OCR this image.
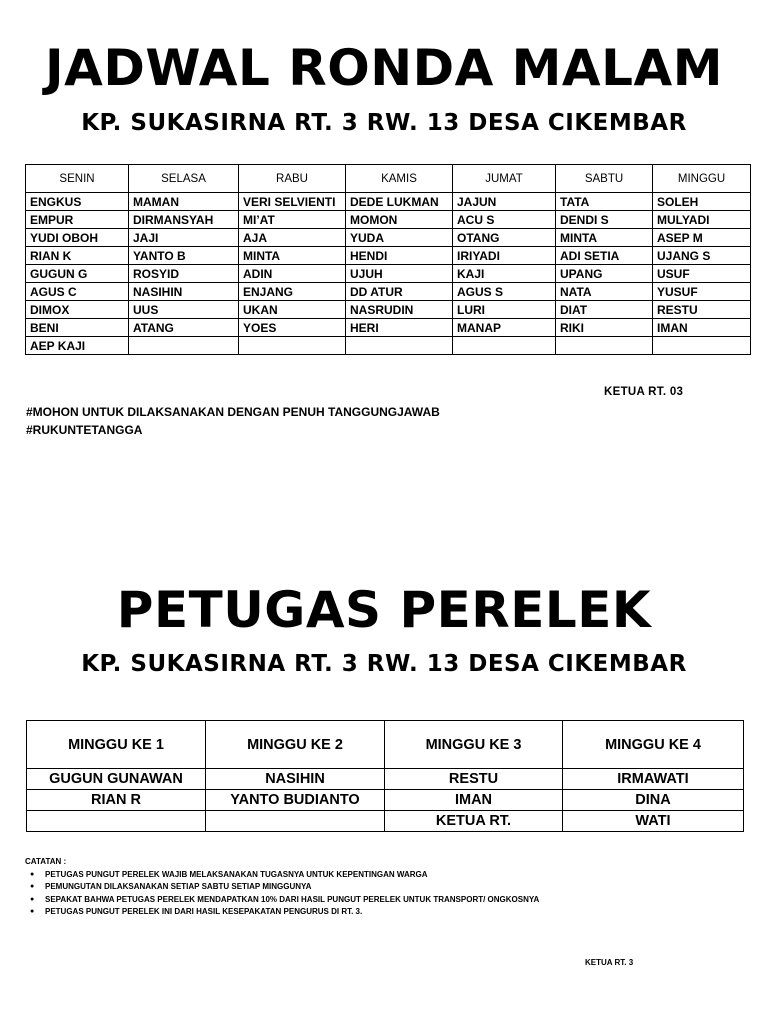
JADWAL RONDA MALAM
KP. SUKASIRNA RT. 3 RW. 13 DESA CIKEMBAR
SENIN	SELASA	RABU	KAMIS	JUMAT	SABTU	MINGGU
ENGKUS	MAMAN	VERI SELVIENTI	DEDE LUKMAN	JAJUN	TATA	SOLEH
EMPUR	DIRMANSYAH	MI’AT	MOMON	ACU S	DENDI S	MULYADI
YUDI OBOH	JAJI	AJA	YUDA	OTANG	MINTA	ASEP M
RIAN K	YANTO B	MINTA	HENDI	IRIYADI	ADI SETIA	UJANG S
GUGUN G	ROSYID	ADIN	UJUH	KAJI	UPANG	USUF
AGUS C	NASIHIN	ENJANG	DD ATUR	AGUS S	NATA	YUSUF
DIMOX	UUS	UKAN	NASRUDIN	LURI	DIAT	RESTU
BENI	ATANG	YOES	HERI	MANAP	RIKI	IMAN
AEP KAJI						
KETUA RT. 03
#MOHON UNTUK DILAKSANAKAN DENGAN PENUH TANGGUNGJAWAB
#RUKUNTETANGGA
PETUGAS PERELEK
KP. SUKASIRNA RT. 3 RW. 13 DESA CIKEMBAR
MINGGU KE 1	MINGGU KE 2	MINGGU KE 3	MINGGU KE 4
GUGUN GUNAWAN	NASIHIN	RESTU	IRMAWATI
RIAN R	YANTO BUDIANTO	IMAN	DINA
		KETUA RT.	WATI
CATATAN :
● PETUGAS PUNGUT PERELEK WAJIB MELAKSANAKAN TUGASNYA UNTUK KEPENTINGAN WARGA
● PEMUNGUTAN DILAKSANAKAN SETIAP SABTU SETIAP MINGGUNYA
● SEPAKAT BAHWA PETUGAS PERELEK MENDAPATKAN 10% DARI HASIL PUNGUT PERELEK UNTUK TRANSPORT/ ONGKOSNYA
● PETUGAS PUNGUT PERELEK INI DARI HASIL KESEPAKATAN PENGURUS DI RT. 3.
KETUA RT. 3
